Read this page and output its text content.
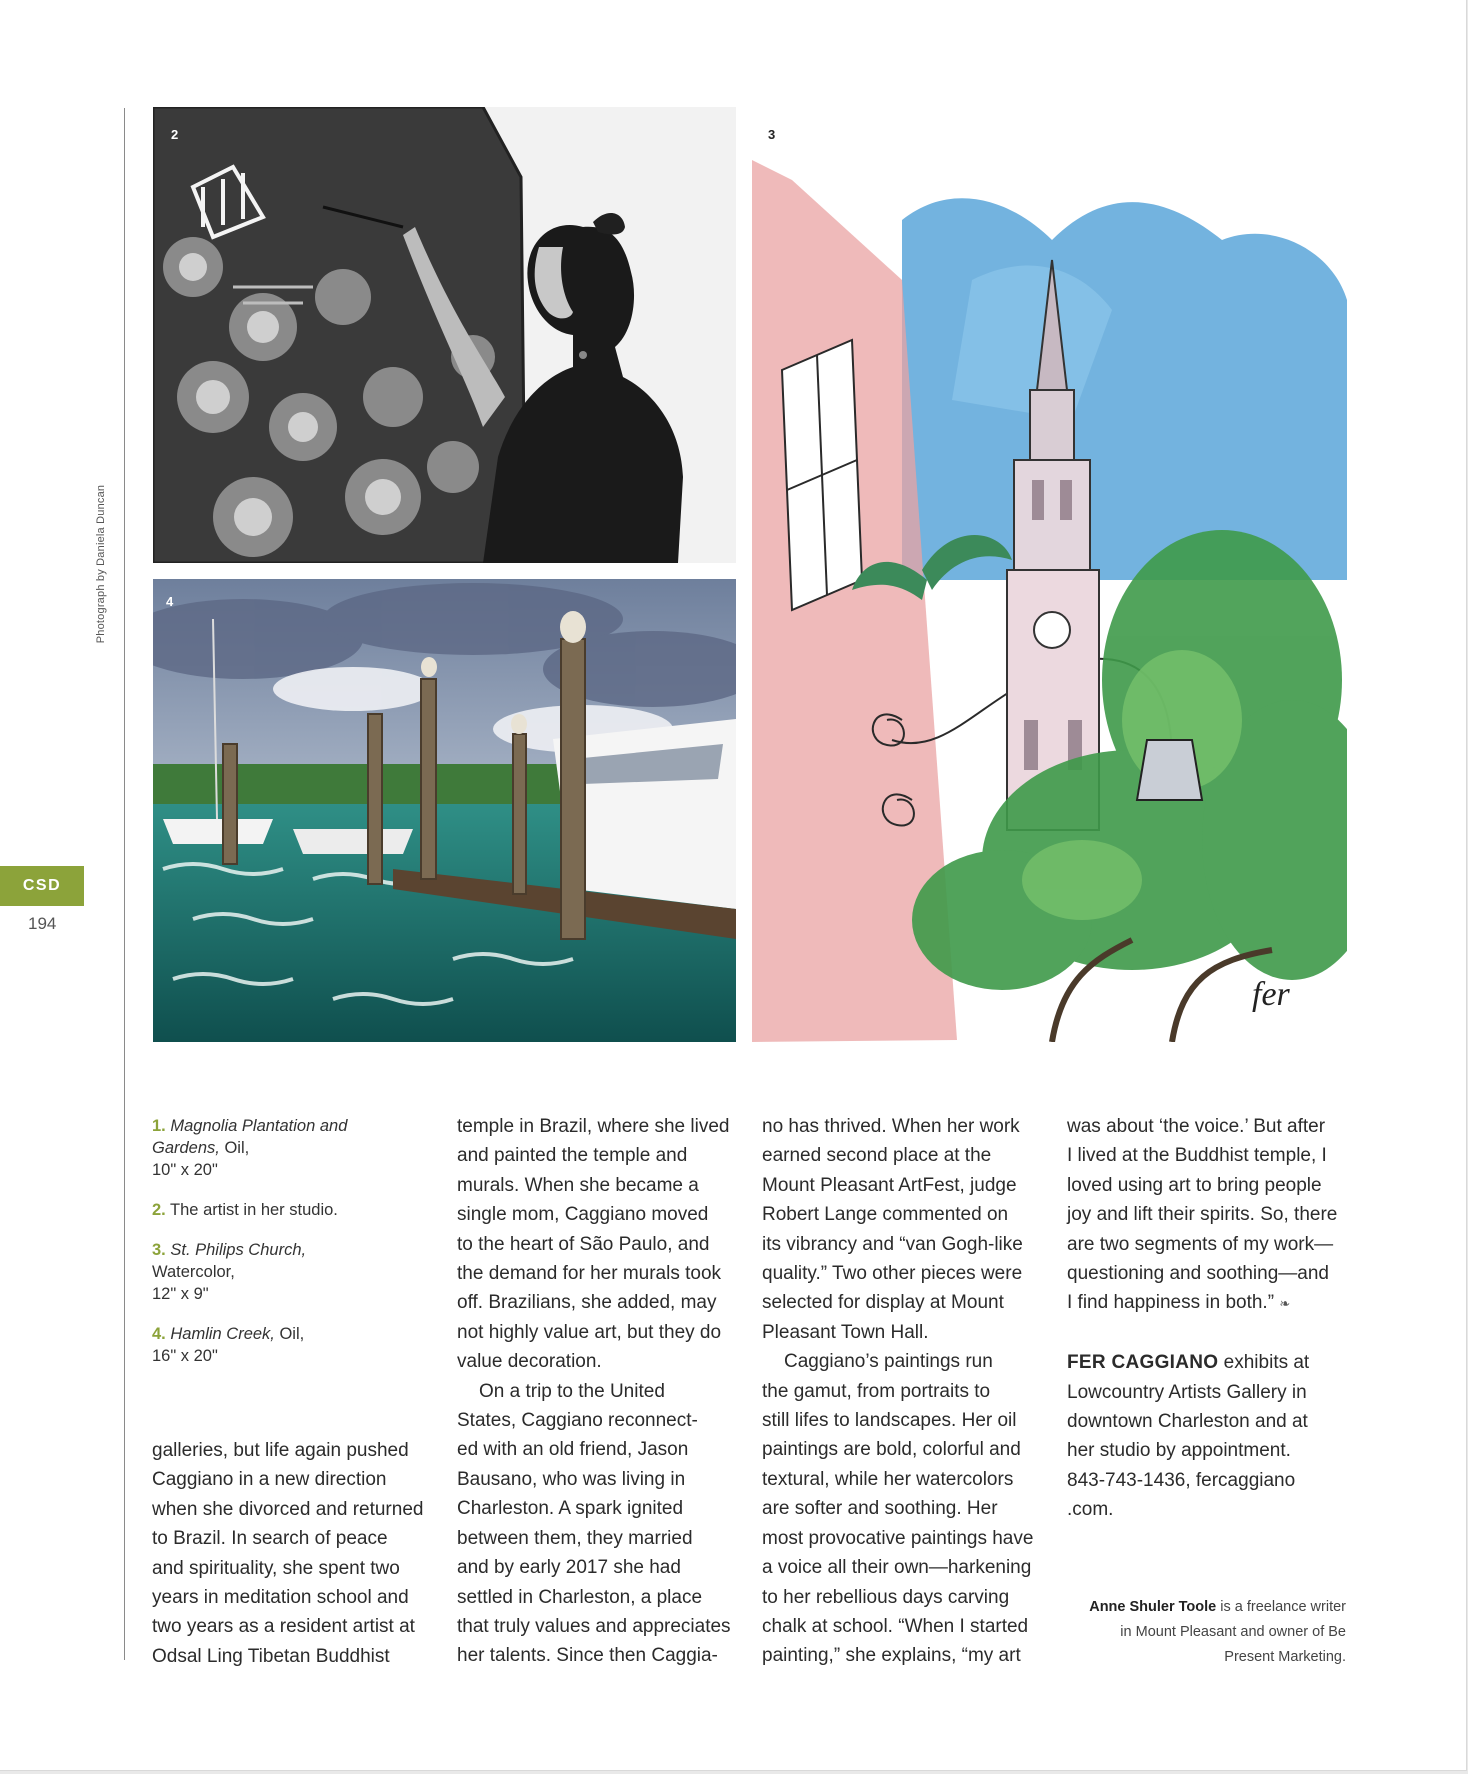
Photograph by Daniela Duncan
CSD
194
2
4
fer
3
1. Magnolia Plantation and
Gardens, Oil,
10" x 20"
2. The artist in her studio.
3. St. Philips Church,
Watercolor,
12" x 9"
4. Hamlin Creek, Oil,
16" x 20"
galleries, but life again pushed
Caggiano in a new direction
when she divorced and returned
to Brazil. In search of peace
and spirituality, she spent two
years in meditation school and
two years as a resident artist at
Odsal Ling Tibetan Buddhist
temple in Brazil, where she lived
and painted the temple and
murals. When she became a
single mom, Caggiano moved
to the heart of São Paulo, and
the demand for her murals took
off. Brazilians, she added, may
not highly value art, but they do
value decoration.
On a trip to the United
States, Caggiano reconnect-
ed with an old friend, Jason
Bausano, who was living in
Charleston. A spark ignited
between them, they married
and by early 2017 she had
settled in Charleston, a place
that truly values and appreciates
her talents. Since then Caggia-
no has thrived. When her work
earned second place at the
Mount Pleasant ArtFest, judge
Robert Lange commented on
its vibrancy and “van Gogh-like
quality.” Two other pieces were
selected for display at Mount
Pleasant Town Hall.
Caggiano’s paintings run
the gamut, from portraits to
still lifes to landscapes. Her oil
paintings are bold, colorful and
textural, while her watercolors
are softer and soothing. Her
most provocative paintings have
a voice all their own—harkening
to her rebellious days carving
chalk at school. “When I started
painting,” she explains, “my art
was about ‘the voice.’ But after
I lived at the Buddhist temple, I
loved using art to bring people
joy and lift their spirits. So, there
are two segments of my work—
questioning and soothing—and
I find happiness in both.” ❧
FER CAGGIANO exhibits at
Lowcountry Artists Gallery in
downtown Charleston and at
her studio by appointment.
843-743-1436, fercaggiano
.com.
Anne Shuler Toole is a freelance writer
in Mount Pleasant and owner of Be
Present Marketing.
